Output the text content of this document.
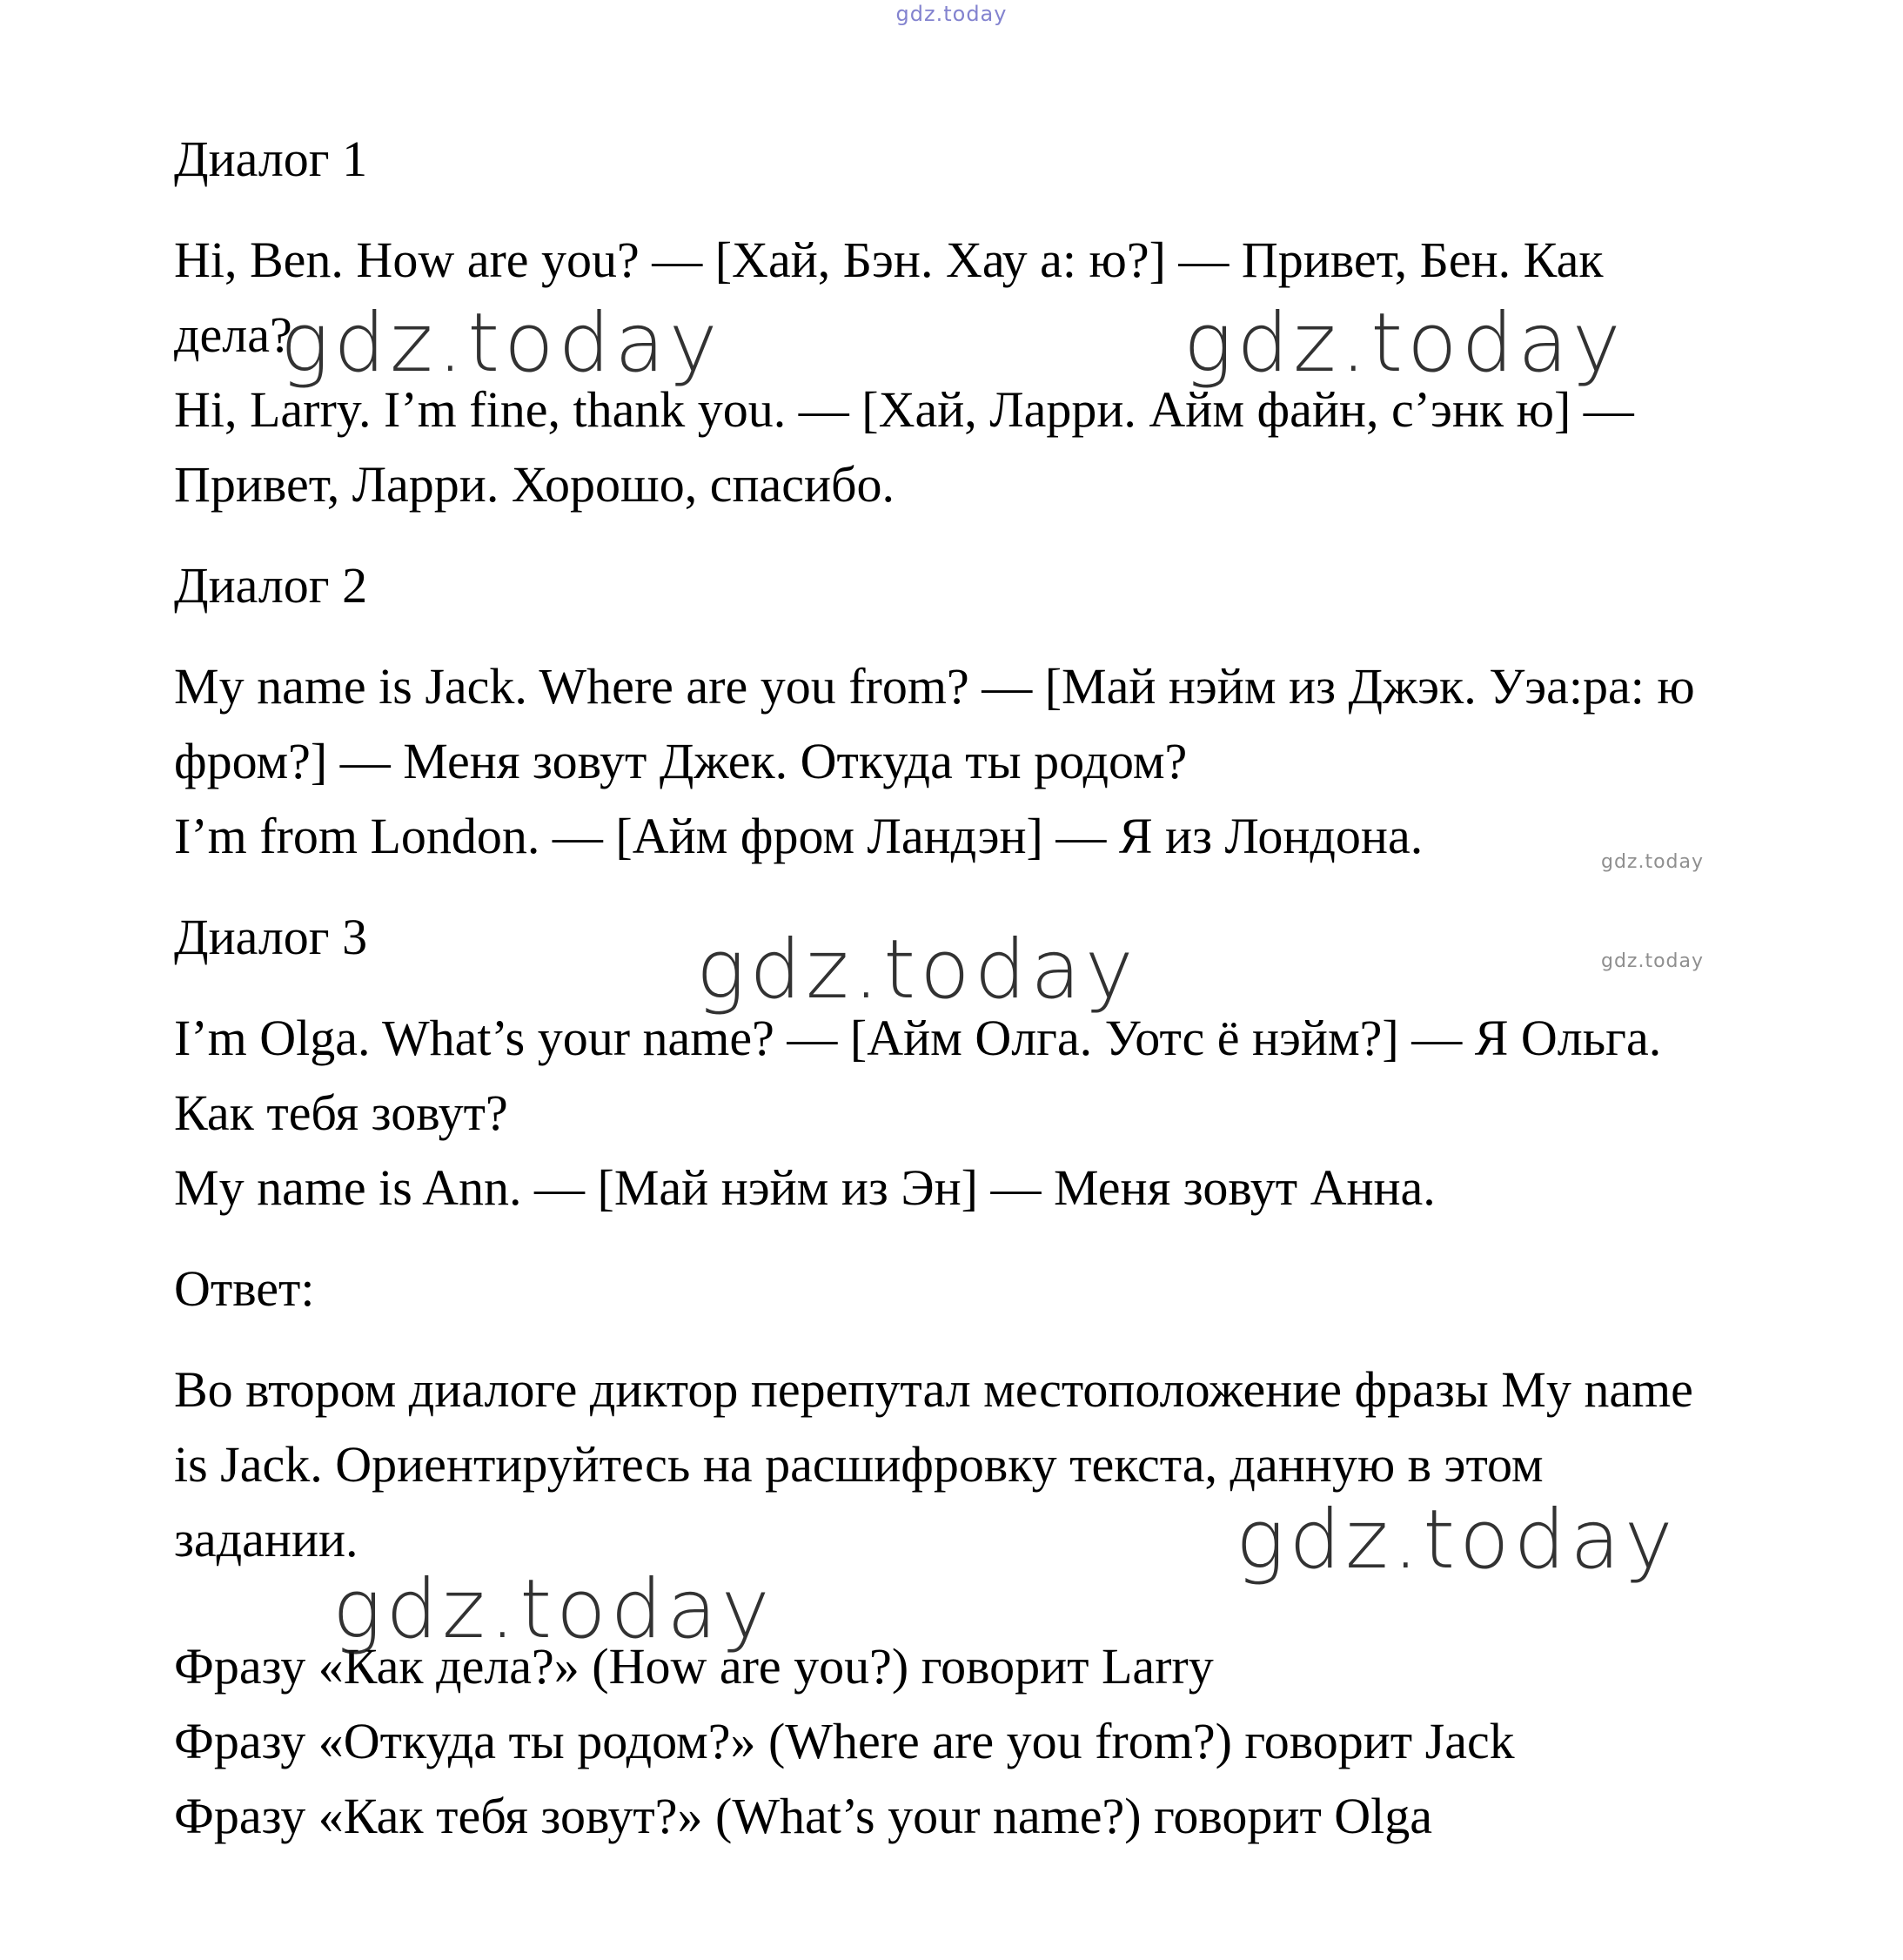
gdz.today

Диалог 1

Hi, Ben. How are you? — [Хай, Бэн. Хау а: ю?] — Привет, Бен. Как
дела?
Hi, Larry. I’m fine, thank you. — [Хай, Ларри. Айм файн, с’энк ю] —
Привет, Ларри. Хорошо, спасибо.

Диалог 2

My name is Jack. Where are you from? — [Май нэйм из Джэк. Уэа:ра: ю
фром?] — Меня зовут Джек. Откуда ты родом?
I’m from London. — [Айм фром Ландэн] — Я из Лондона.

Диалог 3

I’m Olga. What’s your name? — [Айм Олга. Уотс ё нэйм?] — Я Ольга.
Как тебя зовут?
My name is Ann. — [Май нэйм из Эн] — Меня зовут Анна.

Ответ:

Во втором диалоге диктор перепутал местоположение фразы My name
is Jack. Ориентируйтесь на расшифровку текста, данную в этом
задании.
Фразу «Как дела?» (How are you?) говорит Larry
Фразу «Откуда ты родом?» (Where are you from?) говорит Jack
Фразу «Как тебя зовут?» (What’s your name?) говорит Olga
gdz.today	gdz.today
gdz.today
gdz.today
gdz.today
gdz.today
gdz.today
